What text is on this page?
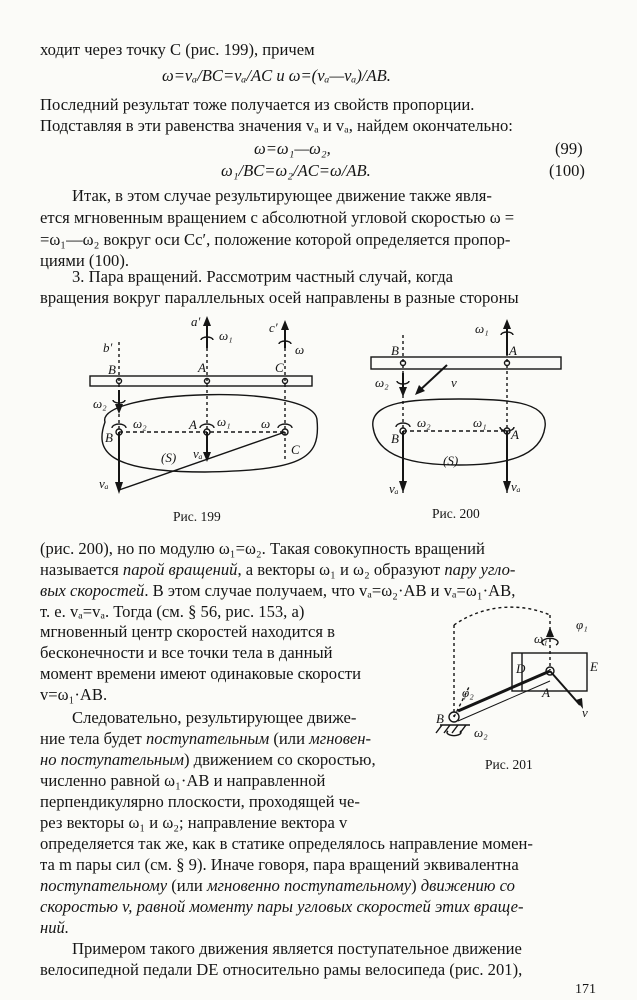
ходит через точку C (рис. 199), причем
ω=vₐ/BC=vₐ/AC и ω=(vₐ—vₐ)/AB.
Последний результат тоже получается из свойств пропорции.
Подставляя в эти равенства значения vₐ и vₐ, найдем окончательно:
ω=ω₁—ω₂,	(99)
ω₁/BC=ω₂/AC=ω/AB.	(100)
Итак, в этом случае результирующее движение также явля-
ется мгновенным вращением с абсолютной угловой скоростью ω =
=ω₁—ω₂ вокруг оси Cc′, положение которой определяется пропор-
циями (100).
3. Пара вращений. Рассмотрим частный случай, когда
вращения вокруг параллельных осей направлены в разные стороны
a′	c′
b′
ω₁
ω
ω₂
B	A	C
ω₂	A ω₁ ω
B
C
vₐ
(S)
vₐ
Рис. 199
ω₁
B	A
ω₂	v
ω₂	ω₁
B	A
(S)
vₐ	vₐ
Рис. 200
(рис. 200), но по модулю ω₁=ω₂. Такая совокупность вращений
называется парой вращений, а векторы ω₁ и ω₂ образуют пару угло-
вых скоростей. В этом случае получаем, что vₐ=ω₂·AB и vₐ=ω₁·AB,
т. е. vₐ=vₐ. Тогда (см. § 56, рис. 153, a)
мгновенный центр скоростей находится в
бесконечности и все точки тела в данный
момент времени имеют одинаковые скорости
v=ω₁·AB.
Следовательно, результирующее движе-
ние тела будет поступательным (или мгновен-
но поступательным) движением со скоростью,
численно равной ω₁·AB и направленной
перпендикулярно плоскости, проходящей че-
рез векторы ω₁ и ω₂; направление вектора v
определяется так же, как в статике определялось направление момен-
та m пары сил (см. § 9). Иначе говоря, пара вращений эквивалентна
поступательному (или мгновенно поступательному) движению со
скоростью v, равной моменту пары угловых скоростей этих враще-
ний.
Примером такого движения является поступательное движение
велосипедной педали DE относительно рамы велосипеда (рис. 201),
171
ω₁
φ₁
D	E
A
φ₂
B	v
ω₂
Рис. 201
